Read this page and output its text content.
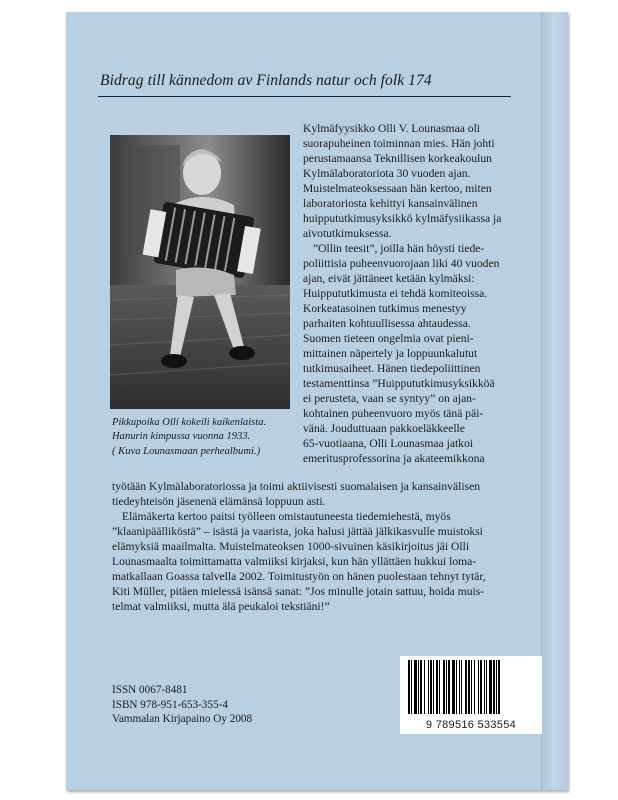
Bidrag till kännedom av Finlands natur och folk 174
Pikkupoika Olli kokeili kaikenlaista.
Hanurin kimpussa vuonna 1933.
( Kuva Lounasmaan perhealbumi.)
Kylmäfyysikko Olli V. Lounasmaa oli
suorapuheinen toiminnan mies. Hän johti
perustamaansa Teknillisen korkeakoulun
Kylmälaboratoriota 30 vuoden ajan.
Muistelmateoksessaan hän kertoo, miten
laboratoriosta kehittyi kansainvälinen
huippututkimusyksikkö kylmäfysiikassa ja
aivotutkimuksessa.
”Ollin teesit”, joilla hän höysti tiede-
poliittisia puheenvuorojaan liki 40 vuoden
ajan, eivät jättäneet ketään kylmäksi:
Huippututkimusta ei tehdä komiteoissa.
Korkeatasoinen tutkimus menestyy
parhaiten kohtuullisessa ahtaudessa.
Suomen tieteen ongelmia ovat pieni-
mittainen näpertely ja loppuunkalutut
tutkimusaiheet. Hänen tiedepoliittinen
testamenttinsa ”Huippututkimusyksikköä
ei perusteta, vaan se syntyy” on ajan-
kohtainen puheenvuoro myös tänä päi-
vänä. Jouduttuaan pakkoeläkkeelle
65-vuotiaana, Olli Lounasmaa jatkoi
emeritusprofessorina ja akateemikkona
työtään Kylmälaboratoriossa ja toimi aktiivisesti suomalaisen ja kansainvälisen
tiedeyhteisön jäsenenä elämänsä loppuun asti.
Elämäkerta kertoo paitsi työlleen omistautuneesta tiedemiehestä, myös
”klaanipäälliköstä” – isästä ja vaarista, joka halusi jättää jälkikasvulle muistoksi
elämyksiä maailmalta. Muistelmateoksen 1000-sivuinen käsikirjoitus jäi Olli
Lounasmaalta toimittamatta valmiiksi kirjaksi, kun hän yllättäen hukkui loma-
matkallaan Goassa talvella 2002. Toimitustyön on hänen puolestaan tehnyt tytär,
Kiti Müller, pitäen mielessä isänsä sanat: ”Jos minulle jotain sattuu, hoida muis-
telmat valmiiksi, mutta älä peukaloi tekstiäni!”
ISSN 0067-8481
ISBN 978-951-653-355-4
Vammalan Kirjapaino Oy 2008	9 789516 533554
